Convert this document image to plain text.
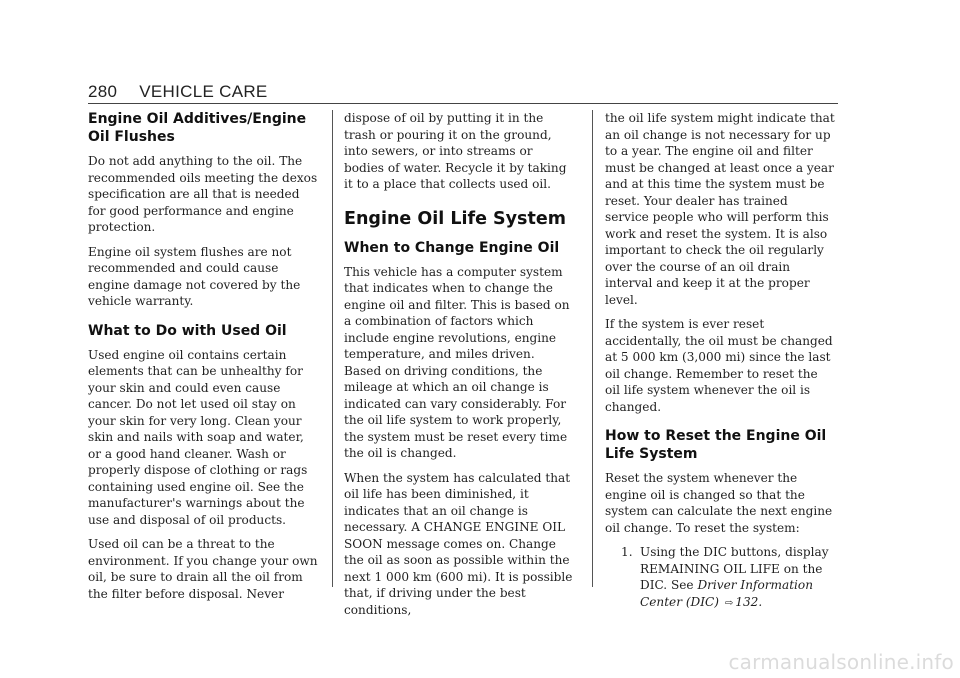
280 VEHICLE CARE
Engine Oil Additives/Engine Oil Flushes

Do not add anything to the oil. The recommended oils meeting the dexos specification are all that is needed for good performance and engine protection.

Engine oil system flushes are not recommended and could cause engine damage not covered by the vehicle warranty.

What to Do with Used Oil

Used engine oil contains certain elements that can be unhealthy for your skin and could even cause cancer. Do not let used oil stay on your skin for very long. Clean your skin and nails with soap and water, or a good hand cleaner. Wash or properly dispose of clothing or rags containing used engine oil. See the manufacturer's warnings about the use and disposal of oil products.

Used oil can be a threat to the environment. If you change your own oil, be sure to drain all the oil from the filter before disposal. Never

dispose of oil by putting it in the trash or pouring it on the ground, into sewers, or into streams or bodies of water. Recycle it by taking it to a place that collects used oil.

Engine Oil Life System
When to Change Engine Oil

This vehicle has a computer system that indicates when to change the engine oil and filter. This is based on a combination of factors which include engine revolutions, engine temperature, and miles driven. Based on driving conditions, the mileage at which an oil change is indicated can vary considerably. For the oil life system to work properly, the system must be reset every time the oil is changed.

When the system has calculated that oil life has been diminished, it indicates that an oil change is necessary. A CHANGE ENGINE OIL SOON message comes on. Change the oil as soon as possible within the next 1 000 km (600 mi). It is possible that, if driving under the best conditions,

the oil life system might indicate that an oil change is not necessary for up to a year. The engine oil and filter must be changed at least once a year and at this time the system must be reset. Your dealer has trained service people who will perform this work and reset the system. It is also important to check the oil regularly over the course of an oil drain interval and keep it at the proper level.

If the system is ever reset accidentally, the oil must be changed at 5 000 km (3,000 mi) since the last oil change. Remember to reset the oil life system whenever the oil is changed.

How to Reset the Engine Oil Life System

Reset the system whenever the engine oil is changed so that the system can calculate the next engine oil change. To reset the system:

1. Using the DIC buttons, display REMAINING OIL LIFE on the DIC. See Driver Information Center (DIC) ⇨ 132.
carmanualsonline.info
